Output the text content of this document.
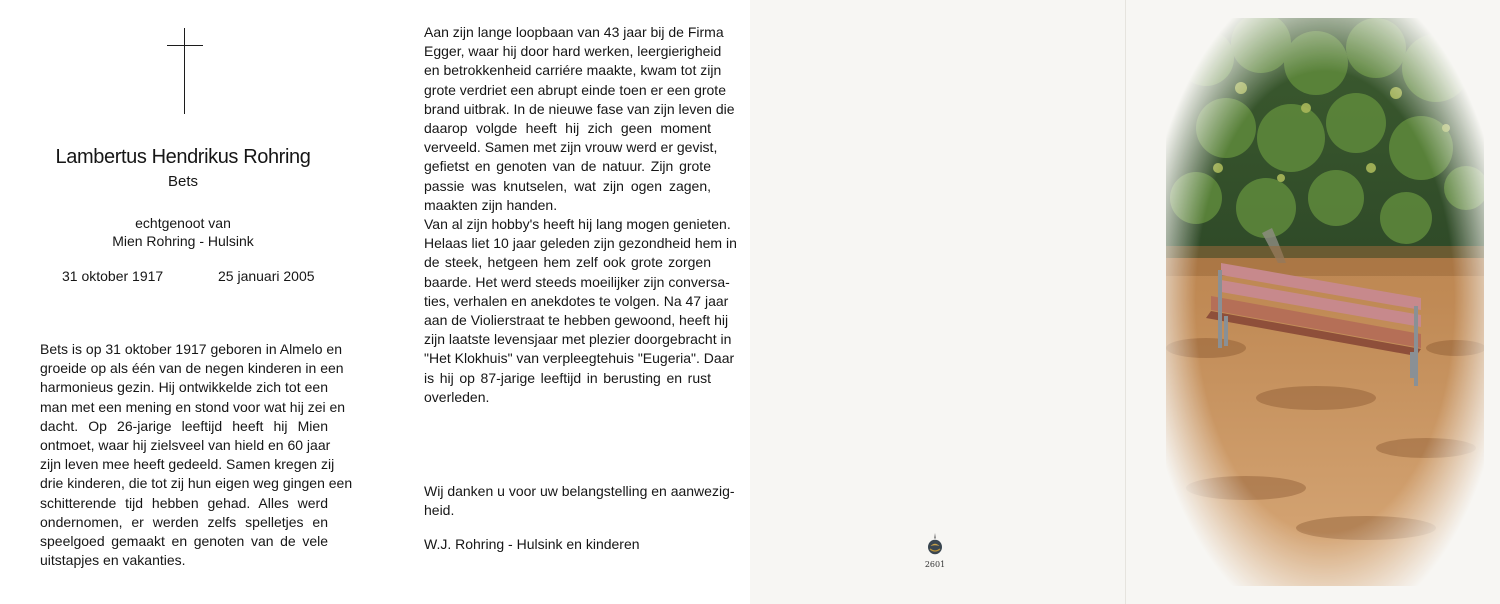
Lambertus Hendrikus Rohring
Bets
echtgenoot van
Mien Rohring - Hulsink
31 oktober 1917	25 januari 2005
Bets is op 31 oktober 1917 geboren in Almelo en
groeide op als één van de negen kinderen in een
harmonieus gezin. Hij ontwikkelde zich tot een
man met een mening en stond voor wat hij zei en
dacht. Op 26-jarige leeftijd heeft hij Mien
ontmoet, waar hij zielsveel van hield en 60 jaar
zijn leven mee heeft gedeeld. Samen kregen zij
drie kinderen, die tot zij hun eigen weg gingen een
schitterende tijd hebben gehad. Alles werd
ondernomen, er werden zelfs spelletjes en
speelgoed gemaakt en genoten van de vele
uitstapjes en vakanties.
Aan zijn lange loopbaan van 43 jaar bij de Firma
Egger, waar hij door hard werken, leergierigheid
en betrokkenheid carriére maakte, kwam tot zijn
grote verdriet een abrupt einde toen er een grote
brand uitbrak. In de nieuwe fase van zijn leven die
daarop volgde heeft hij zich geen moment
verveeld. Samen met zijn vrouw werd er gevist,
gefietst en genoten van de natuur. Zijn grote
passie was knutselen, wat zijn ogen zagen,
maakten zijn handen.
Van al zijn hobby's heeft hij lang mogen genieten.
Helaas liet 10 jaar geleden zijn gezondheid hem in
de steek, hetgeen hem zelf ook grote zorgen
baarde. Het werd steeds moeilijker zijn conversa-
ties, verhalen en anekdotes te volgen. Na 47 jaar
aan de Violierstraat te hebben gewoond, heeft hij
zijn laatste levensjaar met plezier doorgebracht in
"Het Klokhuis" van verpleegtehuis "Eugeria". Daar
is hij op 87-jarige leeftijd in berusting en rust
overleden.
Wij danken u voor uw belangstelling en aanwezig-
heid.
W.J. Rohring - Hulsink en kinderen
2601
